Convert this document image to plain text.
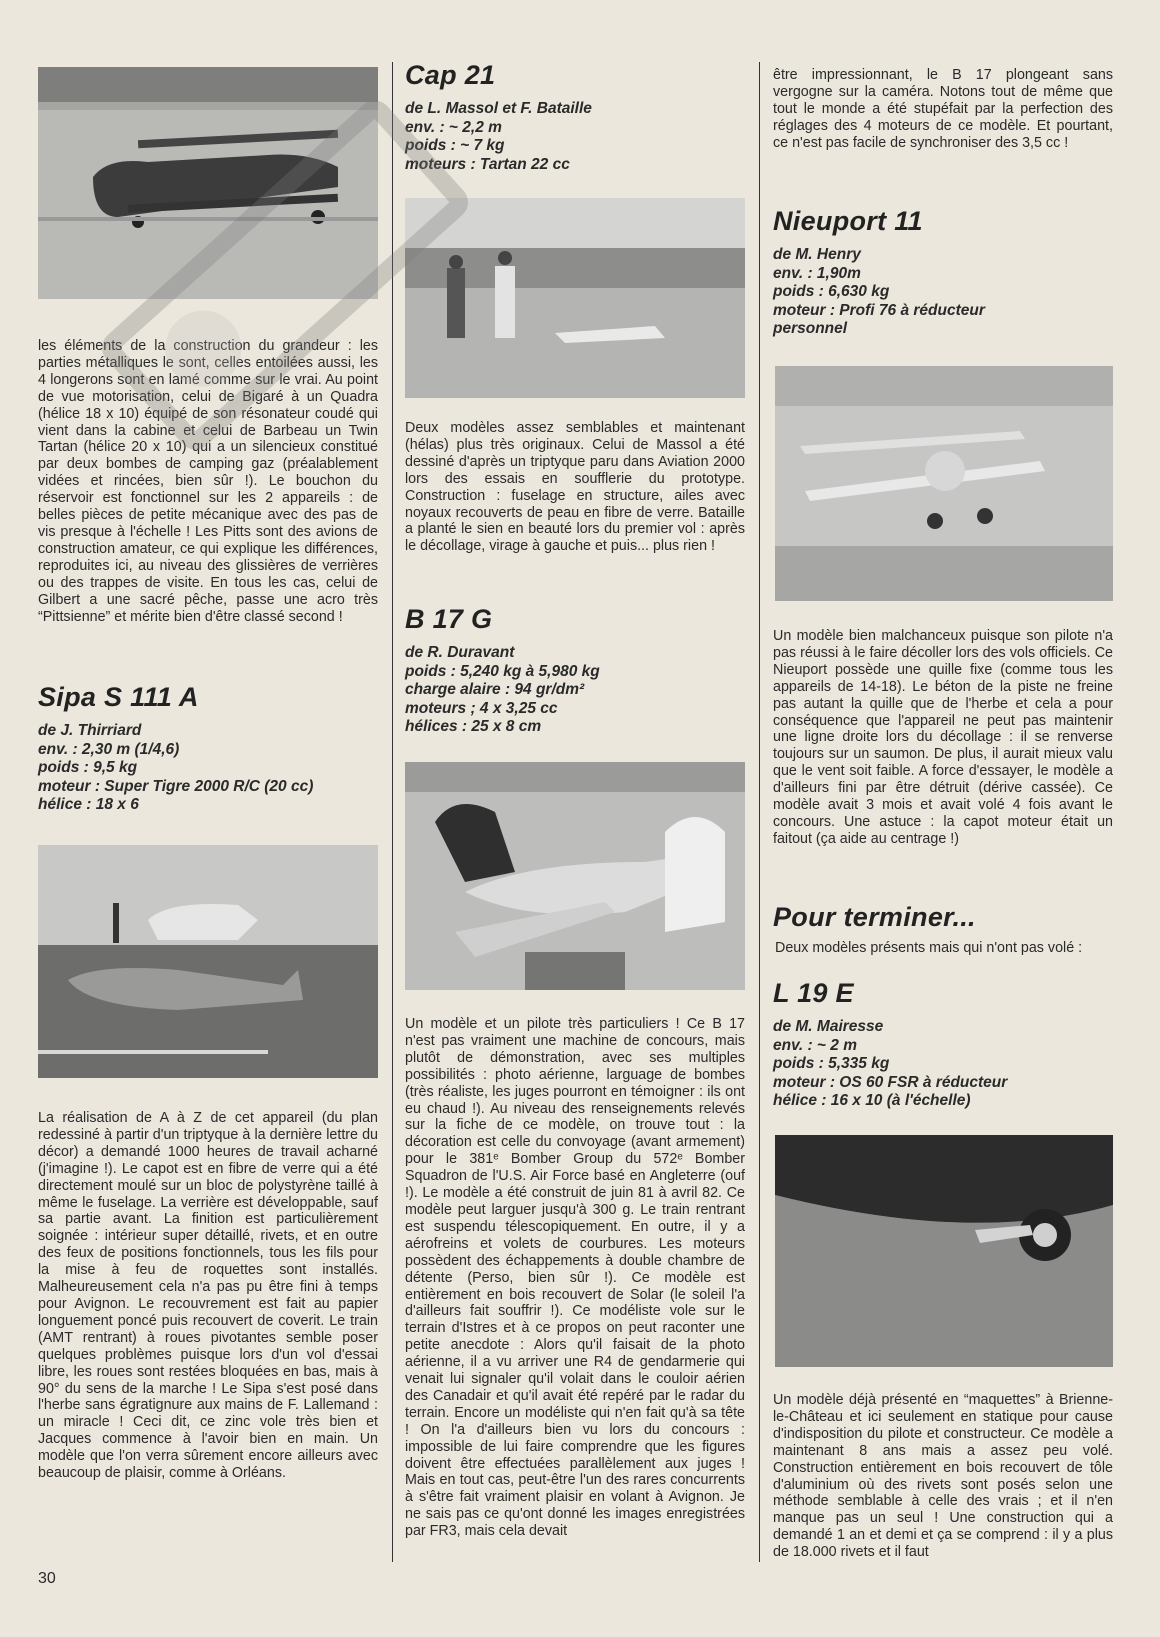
les éléments de la construction du grandeur : les parties métalliques le sont, celles entoilées aussi, les 4 longerons sont en lamé comme sur le vrai. Au point de vue motorisation, celui de Bigaré à un Quadra (hélice 18 x 10) équipé de son résonateur coudé qui vient dans la cabine et celui de Barbeau un Twin Tartan (hélice 20 x 10) qui a un silencieux constitué par deux bombes de camping gaz (préalablement vidées et rincées, bien sûr !). Le bouchon du réservoir est fonctionnel sur les 2 appareils : de belles pièces de petite mécanique avec des pas de vis presque à l'échelle ! Les Pitts sont des avions de construction amateur, ce qui explique les différences, reproduites ici, au niveau des glissières de verrières ou des trappes de visite. En tous les cas, celui de Gilbert a une sacré pêche, passe une acro très “Pittsienne” et mérite bien d'être classé second !

Sipa S 111 A
de J. Thirriard
env. : 2,30 m (1/4,6)
poids : 9,5 kg
moteur : Super Tigre 2000 R/C (20 cc)
hélice : 18 x 6

La réalisation de A à Z de cet appareil (du plan redessiné à partir d'un triptyque à la dernière lettre du décor) a demandé 1000 heures de travail acharné (j'imagine !). Le capot est en fibre de verre qui a été directement moulé sur un bloc de polystyrène taillé à même le fuselage. La verrière est développable, sauf sa partie avant. La finition est particulièrement soignée : intérieur super détaillé, rivets, et en outre des feux de positions fonctionnels, tous les fils pour la mise à feu de roquettes sont installés. Malheureusement cela n'a pas pu être fini à temps pour Avignon. Le recouvrement est fait au papier longuement poncé puis recouvert de coverit. Le train (AMT rentrant) à roues pivotantes semble poser quelques problèmes puisque lors d'un vol d'essai libre, les roues sont restées bloquées en bas, mais à 90° du sens de la marche ! Le Sipa s'est posé dans l'herbe sans égratignure aux mains de F. Lallemand : un miracle ! Ceci dit, ce zinc vole très bien et Jacques commence à l'avoir bien en main. Un modèle que l'on verra sûrement encore ailleurs avec beaucoup de plaisir, comme à Orléans.

30
Cap 21
de L. Massol et F. Bataille
env. : ~ 2,2 m
poids : ~ 7 kg
moteurs : Tartan 22 cc

Deux modèles assez semblables et maintenant (hélas) plus très originaux. Celui de Massol a été dessiné d'après un triptyque paru dans Aviation 2000 lors des essais en soufflerie du prototype. Construction : fuselage en structure, ailes avec noyaux recouverts de peau en fibre de verre. Bataille a planté le sien en beauté lors du premier vol : après le décollage, virage à gauche et puis... plus rien !

B 17 G
de R. Duravant
poids : 5,240 kg à 5,980 kg
charge alaire : 94 gr/dm²
moteurs ; 4 x 3,25 cc
hélices : 25 x 8 cm

Un modèle et un pilote très particuliers ! Ce B 17 n'est pas vraiment une machine de concours, mais plutôt de démonstration, avec ses multiples possibilités : photo aérienne, larguage de bombes (très réaliste, les juges pourront en témoigner : ils ont eu chaud !). Au niveau des renseignements relevés sur la fiche de ce modèle, on trouve tout : la décoration est celle du convoyage (avant armement) pour le 381ᵉ Bomber Group du 572ᵉ Bomber Squadron de l'U.S. Air Force basé en Angleterre (ouf !). Le modèle a été construit de juin 81 à avril 82. Ce modèle peut larguer jusqu'à 300 g. Le train rentrant est suspendu télescopiquement. En outre, il y a aérofreins et volets de courbures. Les moteurs possèdent des échappements à double chambre de détente (Perso, bien sûr !). Ce modèle est entièrement en bois recouvert de Solar (le soleil l'a d'ailleurs fait souffrir !). Ce modéliste vole sur le terrain d'Istres et à ce propos on peut raconter une petite anecdote : Alors qu'il faisait de la photo aérienne, il a vu arriver une R4 de gendarmerie qui venait lui signaler qu'il volait dans le couloir aérien des Canadair et qu'il avait été repéré par le radar du terrain. Encore un modéliste qui n'en fait qu'à sa tête ! On l'a d'ailleurs bien vu lors du concours : impossible de lui faire comprendre que les figures doivent être effectuées parallèlement aux juges ! Mais en tout cas, peut-être l'un des rares concurrents à s'être fait vraiment plaisir en volant à Avignon. Je ne sais pas ce qu'ont donné les images enregistrées par FR3, mais cela devait

être impressionnant, le B 17 plongeant sans vergogne sur la caméra. Notons tout de même que tout le monde a été stupéfait par la perfection des réglages des 4 moteurs de ce modèle. Et pourtant, ce n'est pas facile de synchroniser des 3,5 cc !

Nieuport 11
de M. Henry
env. : 1,90m
poids : 6,630 kg
moteur : Profi 76 à réducteur
personnel

Un modèle bien malchanceux puisque son pilote n'a pas réussi à le faire décoller lors des vols officiels. Ce Nieuport possède une quille fixe (comme tous les appareils de 14-18). Le béton de la piste ne freine pas autant la quille que de l'herbe et cela a pour conséquence que l'appareil ne peut pas maintenir une ligne droite lors du décollage : il se renverse toujours sur un saumon. De plus, il aurait mieux valu que le vent soit faible. A force d'essayer, le modèle a d'ailleurs fini par être détruit (dérive cassée). Ce modèle avait 3 mois et avait volé 4 fois avant le concours. Une astuce : la capot moteur était un faitout (ça aide au centrage !)

Pour terminer...
Deux modèles présents mais qui n'ont pas volé :
L 19 E
de M. Mairesse
env. : ~ 2 m
poids : 5,335 kg
moteur : OS 60 FSR à réducteur
hélice : 16 x 10 (à l'échelle)

Un modèle déjà présenté en “maquettes” à Brienne- le-Château et ici seulement en statique pour cause d'indisposition du pilote et constructeur. Ce modèle a maintenant 8 ans mais a assez peu volé. Construction entièrement en bois recouvert de tôle d'aluminium où des rivets sont posés selon une méthode semblable à celle des vrais ; et il n'en manque pas un seul ! Une construction qui a demandé 1 an et demi et ça se comprend : il y a plus de 18.000 rivets et il faut
